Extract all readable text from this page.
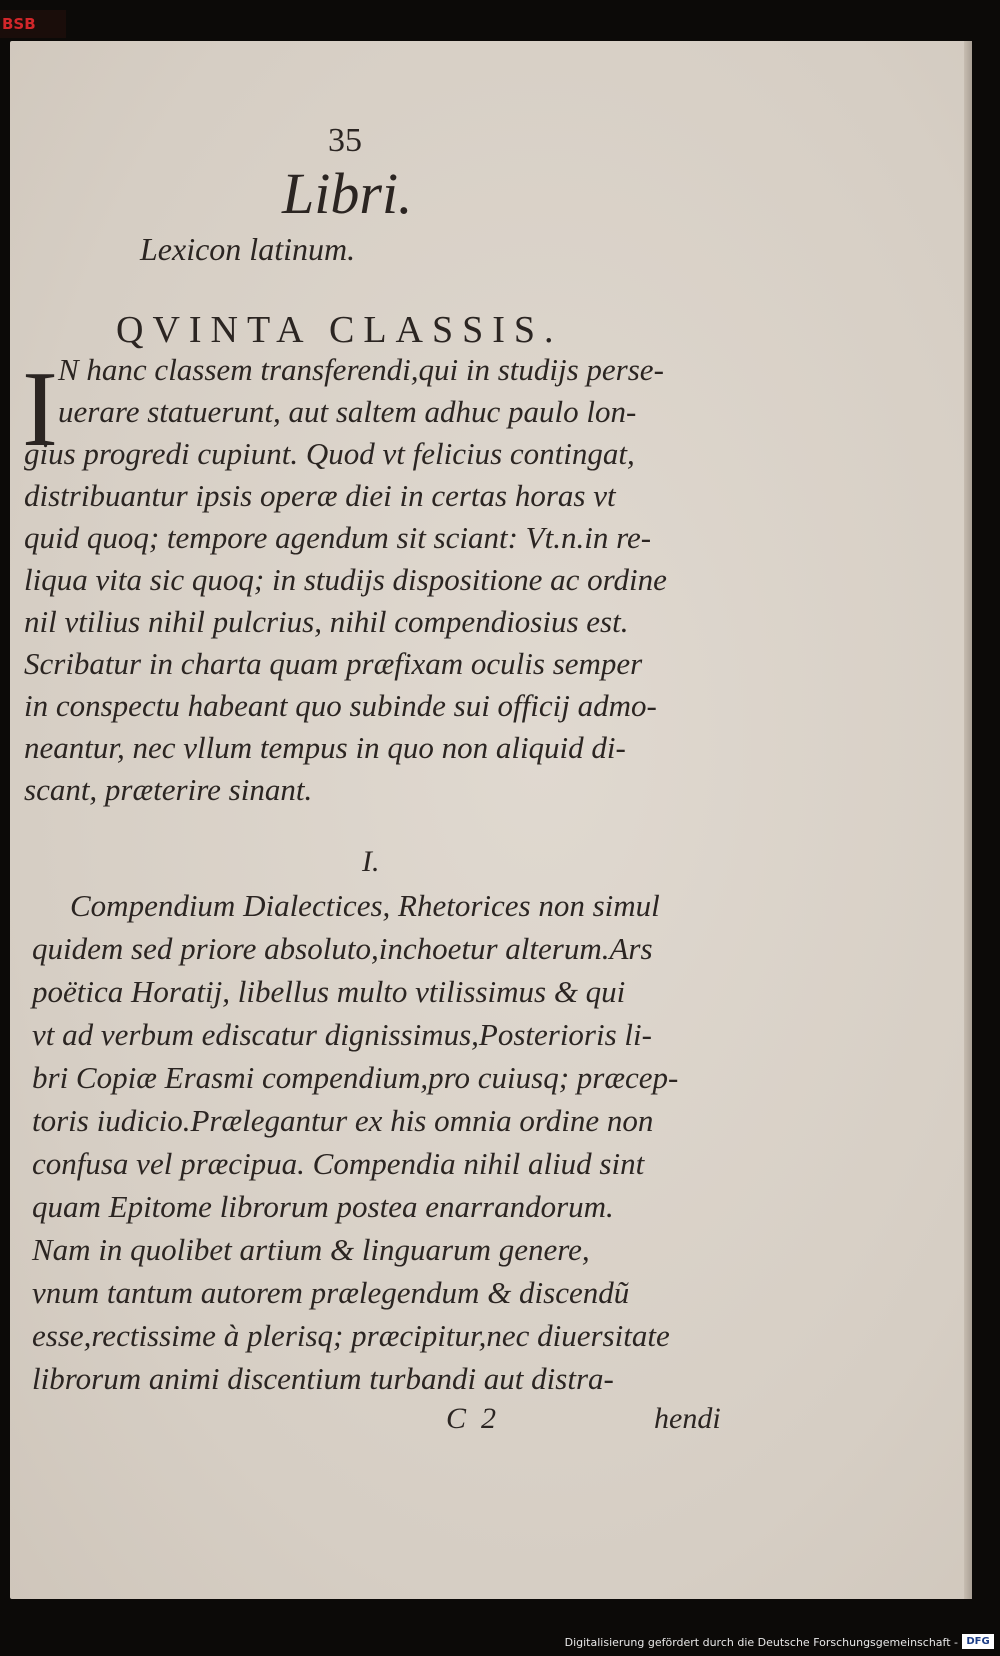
BSB
35
Libri.
Lexicon latinum.
QVINTA CLASSIS.
I N hanc classem transferendi,qui in studijs perse-
uerare statuerunt, aut saltem adhuc paulo lon-
gius progredi cupiunt. Quod vt felicius contingat,
distribuantur ipsis operæ diei in certas horas vt
quid quoq; tempore agendum sit sciant: Vt.n.in re-
liqua vita sic quoq; in studijs dispositione ac ordine
nil vtilius nihil pulcrius, nihil compendiosius est.
Scribatur in charta quam præfixam oculis semper
in conspectu habeant quo subinde sui officij admo-
neantur, nec vllum tempus in quo non aliquid di-
scant, præterire sinant.
I.
Compendium Dialectices, Rhetorices non simul
quidem sed priore absoluto,inchoetur alterum.Ars
poëtica Horatij, libellus multo vtilissimus & qui
vt ad verbum ediscatur dignissimus,Posterioris li-
bri Copiæ Erasmi compendium,pro cuiusq; præcep-
toris iudicio.Prælegantur ex his omnia ordine non
confusa vel præcipua. Compendia nihil aliud sint
quam Epitome librorum postea enarrandorum.
Nam in quolibet artium & linguarum genere,
vnum tantum autorem prælegendum & discendũ
esse,rectissime à plerisq; præcipitur,nec diuersitate
librorum animi discentium turbandi aut distra-
C  2	hendi
Digitalisierung gefördert durch die Deutsche Forschungsgemeinschaft - DFG
